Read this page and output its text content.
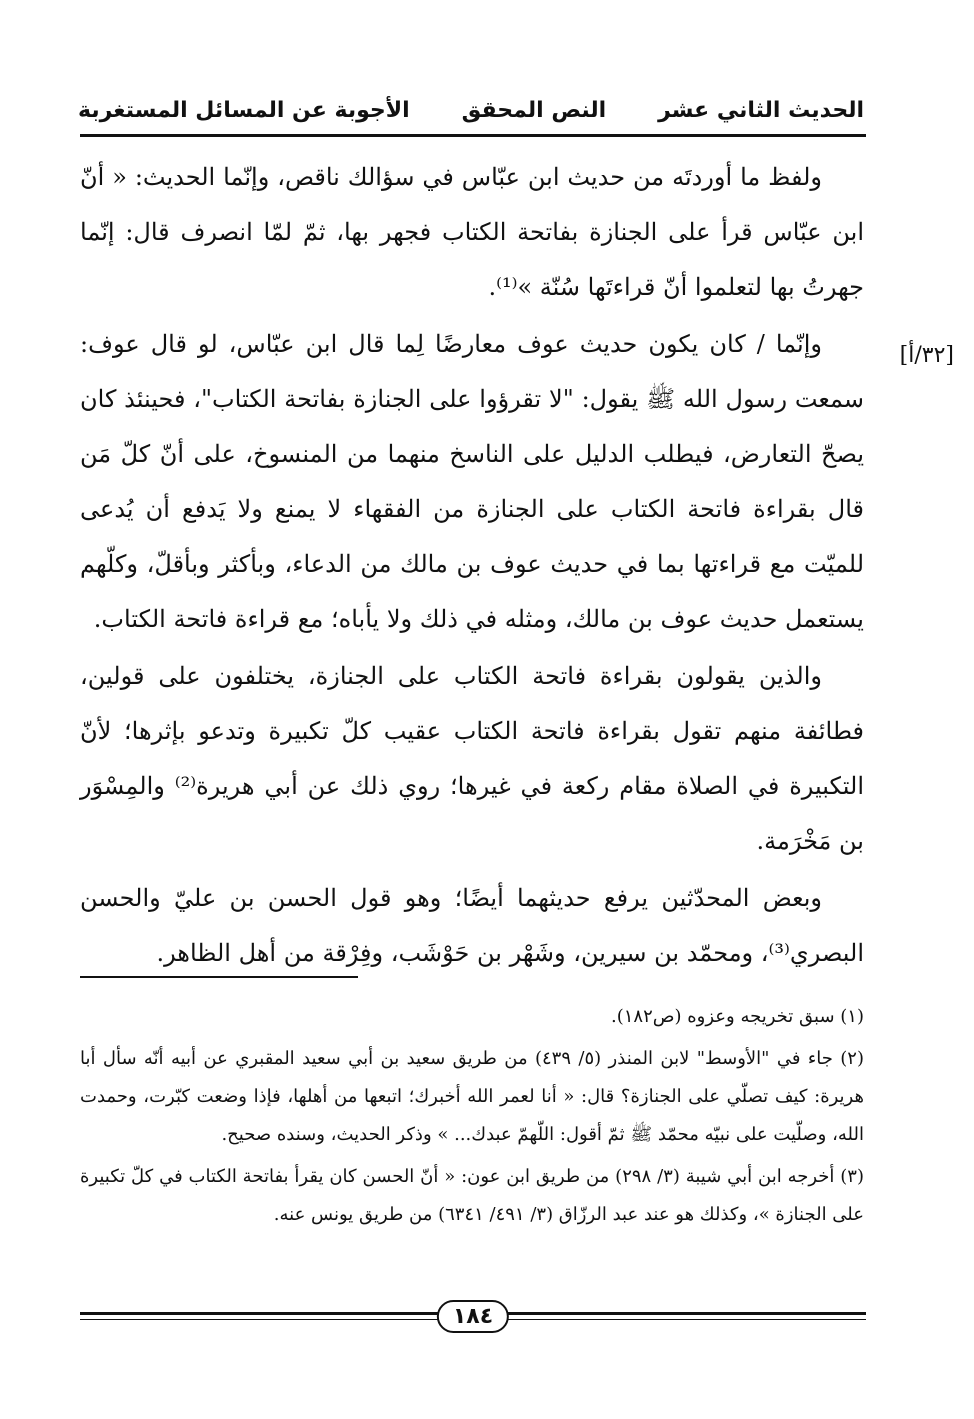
الحديث الثاني عشر
النص المحقق
الأجوبة عن المسائل المستغربة
[٣٢/أ]

ولفظ ما أوردتَه من حديث ابن عبّاس في سؤالك ناقص، وإنّما الحديث: « أنّ ابن عبّاس قرأ على الجنازة بفاتحة الكتاب فجهر بها، ثمّ لمّا انصرف قال: إنّما جهرتُ بها لتعلموا أنّ قراءتَها سُنّة »⁽¹⁾.

وإنّما / كان يكون حديث عوف معارضًا لِما قال ابن عبّاس، لو قال عوف: سمعت رسول الله ﷺ يقول: "لا تقرؤوا على الجنازة بفاتحة الكتاب"، فحينئذ كان يصحّ التعارض، فيطلب الدليل على الناسخ منهما من المنسوخ، على أنّ كلّ مَن قال بقراءة فاتحة الكتاب على الجنازة من الفقهاء لا يمنع ولا يَدفع أن يُدعى للميّت مع قراءتها بما في حديث عوف بن مالك من الدعاء، وبأكثر وبأقلّ، وكلّهم يستعمل حديث عوف بن مالك، ومثله في ذلك ولا يأباه؛ مع قراءة فاتحة الكتاب.

والذين يقولون بقراءة فاتحة الكتاب على الجنازة، يختلفون على قولين، فطائفة منهم تقول بقراءة فاتحة الكتاب عقيب كلّ تكبيرة وتدعو بإثرها؛ لأنّ التكبيرة في الصلاة مقام ركعة في غيرها؛ روي ذلك عن أبي هريرة⁽²⁾ والمِسْوَر بن مَخْرَمة.

وبعض المحدّثين يرفع حديثهما أيضًا؛ وهو قول الحسن بن عليّ والحسن البصري⁽³⁾، ومحمّد بن سيرين، وشَهْر بن حَوْشَب، وفِرْقة من أهل الظاهر.

(١) سبق تخريجه وعزوه (ص١٨٢).

(٢) جاء في "الأوسط" لابن المنذر (٥/ ٤٣٩) من طريق سعيد بن أبي سعيد المقبري عن أبيه أنّه سأل أبا هريرة: كيف تصلّي على الجنازة؟ قال: « أنا لعمر الله أخبرك؛ اتبعها من أهلها، فإذا وضعت كبّرت، وحمدت الله، وصلّيت على نبيّه محمّد ﷺ ثمّ أقول: اللّهمّ عبدك... » وذكر الحديث، وسنده صحيح.

(٣) أخرجه ابن أبي شيبة (٣/ ٢٩٨) من طريق ابن عون: « أنّ الحسن كان يقرأ بفاتحة الكتاب في كلّ تكبيرة على الجنازة »، وكذلك هو عند عبد الرزّاق (٣/ ٤٩١/ ٦٣٤١) من طريق يونس عنه.

١٨٤
